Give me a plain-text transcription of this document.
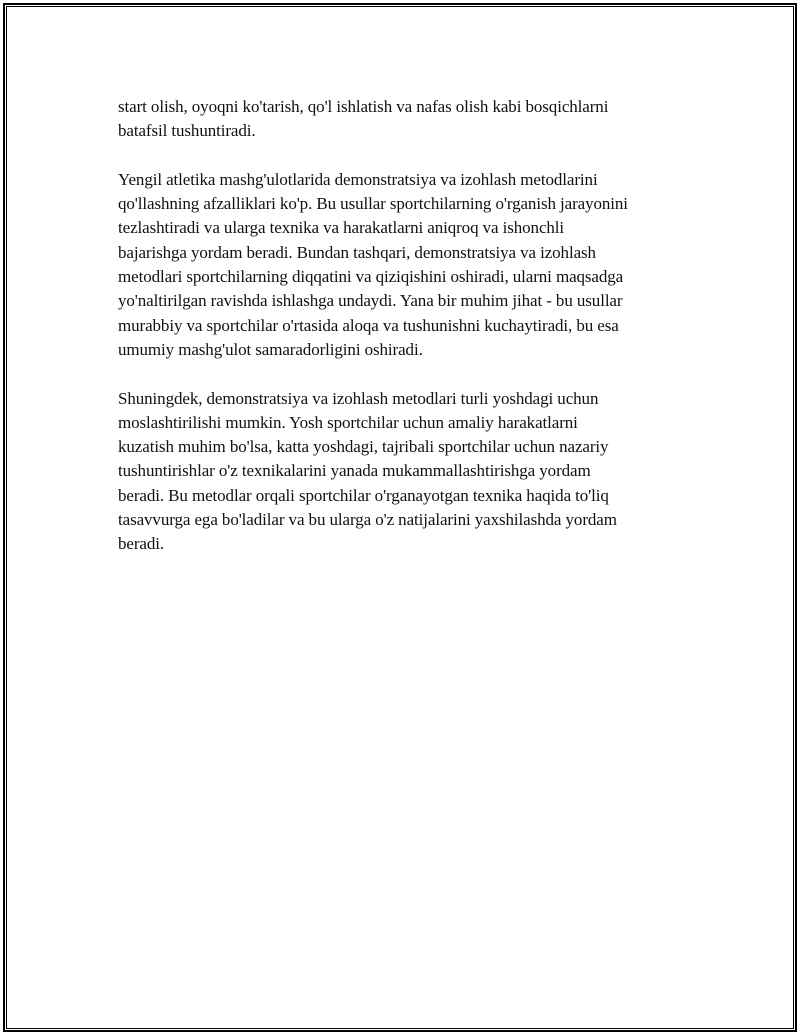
start olish, oyoqni ko'tarish, qo'l ishlatish va nafas olish kabi bosqichlarni
batafsil tushuntiradi.

Yengil atletika mashg'ulotlarida demonstratsiya va izohlash metodlarini
qo'llashning afzalliklari ko'p. Bu usullar sportchilarning o'rganish jarayonini
tezlashtiradi va ularga texnika va harakatlarni aniqroq va ishonchli
bajarishga yordam beradi. Bundan tashqari, demonstratsiya va izohlash
metodlari sportchilarning diqqatini va qiziqishini oshiradi, ularni maqsadga
yo'naltirilgan ravishda ishlashga undaydi. Yana bir muhim jihat - bu usullar
murabbiy va sportchilar o'rtasida aloqa va tushunishni kuchaytiradi, bu esa
umumiy mashg'ulot samaradorligini oshiradi.

Shuningdek, demonstratsiya va izohlash metodlari turli yoshdagi uchun
moslashtirilishi mumkin. Yosh sportchilar uchun amaliy harakatlarni
kuzatish muhim bo'lsa, katta yoshdagi, tajribali sportchilar uchun nazariy
tushuntirishlar o'z texnikalarini yanada mukammallashtirishga yordam
beradi. Bu metodlar orqali sportchilar o'rganayotgan texnika haqida to'liq
tasavvurga ega bo'ladilar va bu ularga o'z natijalarini yaxshilashda yordam
beradi.
